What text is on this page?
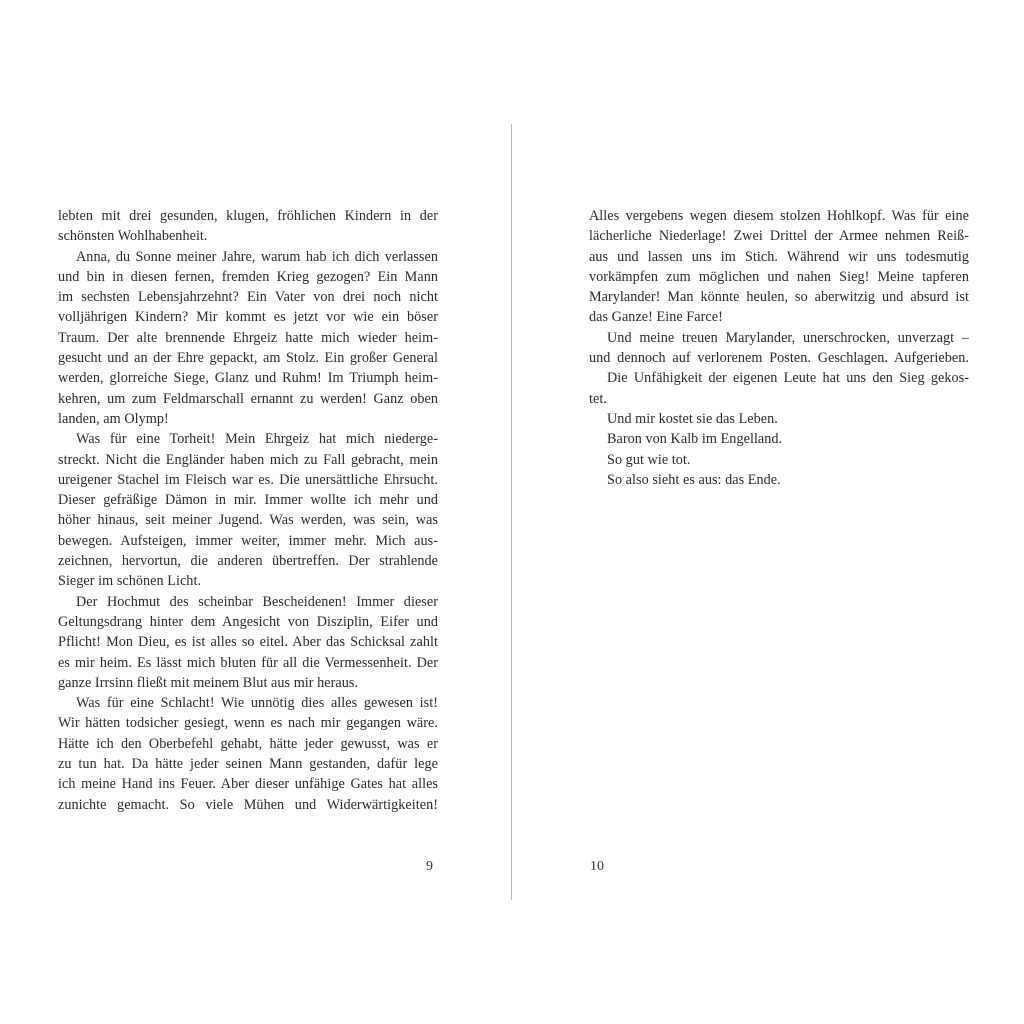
lebten mit drei gesunden, klugen, fröhlichen Kindern in der
schönsten Wohlhabenheit.
Anna, du Sonne meiner Jahre, warum hab ich dich verlassen
und bin in diesen fernen, fremden Krieg gezogen? Ein Mann
im sechsten Lebensjahrzehnt? Ein Vater von drei noch nicht
volljährigen Kindern? Mir kommt es jetzt vor wie ein böser
Traum. Der alte brennende Ehrgeiz hatte mich wieder heim-
gesucht und an der Ehre gepackt, am Stolz. Ein großer General
werden, glorreiche Siege, Glanz und Ruhm! Im Triumph heim-
kehren, um zum Feldmarschall ernannt zu werden! Ganz oben
landen, am Olymp!
Was für eine Torheit! Mein Ehrgeiz hat mich niederge-
streckt. Nicht die Engländer haben mich zu Fall gebracht, mein
ureigener Stachel im Fleisch war es. Die unersättliche Ehrsucht.
Dieser gefräßige Dämon in mir. Immer wollte ich mehr und
höher hinaus, seit meiner Jugend. Was werden, was sein, was
bewegen. Aufsteigen, immer weiter, immer mehr. Mich aus-
zeichnen, hervortun, die anderen übertreffen. Der strahlende
Sieger im schönen Licht.
Der Hochmut des scheinbar Bescheidenen! Immer dieser
Geltungsdrang hinter dem Angesicht von Disziplin, Eifer und
Pflicht! Mon Dieu, es ist alles so eitel. Aber das Schicksal zahlt
es mir heim. Es lässt mich bluten für all die Vermessenheit. Der
ganze Irrsinn fließt mit meinem Blut aus mir heraus.
Was für eine Schlacht! Wie unnötig dies alles gewesen ist!
Wir hätten todsicher gesiegt, wenn es nach mir gegangen wäre.
Hätte ich den Oberbefehl gehabt, hätte jeder gewusst, was er
zu tun hat. Da hätte jeder seinen Mann gestanden, dafür lege
ich meine Hand ins Feuer. Aber dieser unfähige Gates hat alles
zunichte gemacht. So viele Mühen und Widerwärtigkeiten!
Alles vergebens wegen diesem stolzen Hohlkopf. Was für eine
lächerliche Niederlage! Zwei Drittel der Armee nehmen Reiß-
aus und lassen uns im Stich. Während wir uns todesmutig
vorkämpfen zum möglichen und nahen Sieg! Meine tapferen
Marylander! Man könnte heulen, so aberwitzig und absurd ist
das Ganze! Eine Farce!
Und meine treuen Marylander, unerschrocken, unverzagt –
und dennoch auf verlorenem Posten. Geschlagen. Aufgerieben.
Die Unfähigkeit der eigenen Leute hat uns den Sieg gekos-
tet.
Und mir kostet sie das Leben.
Baron von Kalb im Engelland.
So gut wie tot.
So also sieht es aus: das Ende.
9	10
